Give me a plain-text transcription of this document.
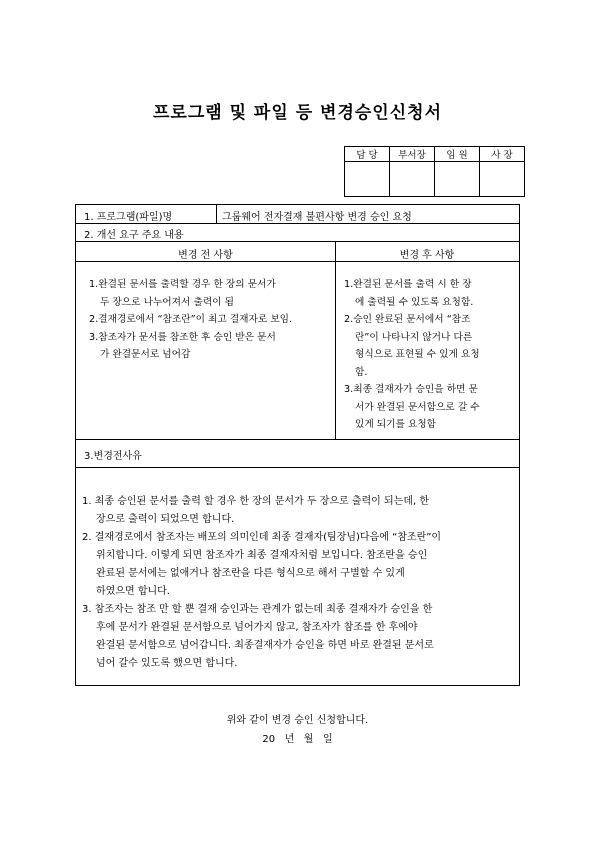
프로그램 및 파일 등 변경승인신청서
담 당	부서장	임 원	사 장

1. 프로그램(파일)명	그룹웨어 전자결재 불편사항 변경 승인 요청
2. 개선 요구 주요 내용
변경 전 사항	변경 후 사항
1.완결된 문서를 출력할 경우 한 장의 문서가
두 장으로 나누어져서 출력이 됨
2.결재경로에서 “참조란”이 최고 결재자로 보임.
3.참조자가 문서를 참조한 후 승인 받은 문서
가 완결문서로 넘어감
1.완결된 문서를 출력 시 한 장
에 출력될 수 있도록 요청함.
2.승인 완료된 문서에서 “참조
란”이 나타나지 않거나 다른
형식으로 표현될 수 있게 요청
함.
3.최종 결재자가 승인을 하면 문
서가 완결된 문서함으로 갈 수
있게 되기를 요청함
3.변경전사유
1. 최종 승인된 문서를 출력 할 경우 한 장의 문서가 두 장으로 출력이 되는데, 한
장으로 출력이 되었으면 합니다.
2. 결재경로에서 참조자는 배포의 의미인데 최종 결재자(팀장님)다음에 “참조란”이
위치합니다. 이렇게 되면 참조자가 최종 결재자처럼 보입니다. 참조란을 승인
완료된 문서에는 없애거나 참조란을 다른 형식으로 해서 구별할 수 있게
하였으면 합니다.
3. 참조자는 참조 만 할 뿐 결재 승인과는 관계가 없는데 최종 결재자가 승인을 한
후에 문서가 완결된 문서함으로 넘어가지 않고, 참조자가 참조를 한 후에야
완결된 문서함으로 넘어갑니다. 최종결재자가 승인을 하면 바로 완결된 문서로
넘어 갈수 있도록 했으면 합니다.
위와 같이 변경 승인 신청합니다.
20   년   월   일
